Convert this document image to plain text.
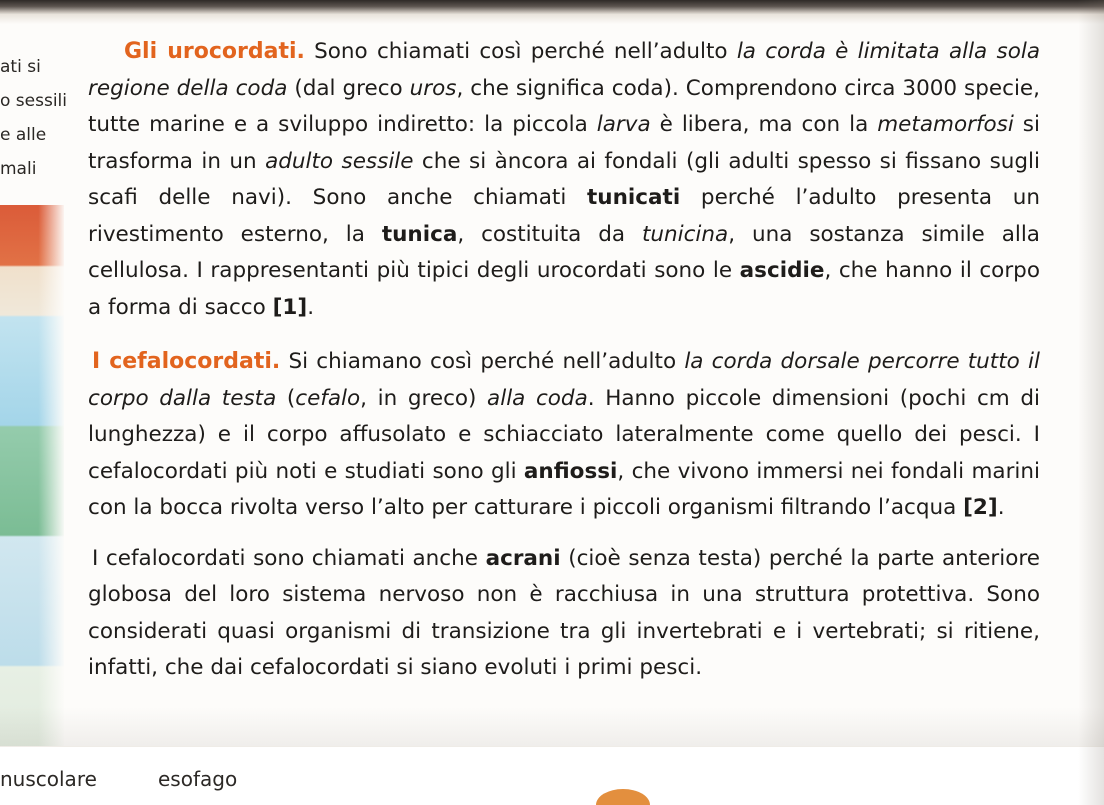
ati si
o sessili
e alle
mali

Gli urocordati. Sono chiamati così perché nell’adulto la corda è limitata alla sola regione della coda (dal greco uros, che significa coda). Comprendono circa 3000 specie, tutte marine e a sviluppo indiretto: la piccola larva è libera, ma con la metamorfosi si trasforma in un adulto sessile che si àncora ai fondali (gli adulti spesso si fissano sugli scafi delle navi). Sono anche chiamati tunicati perché l’adulto presenta un rivestimento esterno, la tunica, costituita da tunicina, una sostanza simile alla cellulosa. I rappresentanti più tipici degli urocordati sono le ascidie, che hanno il corpo a forma di sacco [1].

I cefalocordati. Si chiamano così perché nell’adulto la corda dorsale percorre tutto il corpo dalla testa (cefalo, in greco) alla coda. Hanno piccole dimensioni (pochi cm di lunghezza) e il corpo affusolato e schiacciato lateralmente come quello dei pesci. I cefalocordati più noti e studiati sono gli anfiossi, che vivono immersi nei fondali marini con la bocca rivolta verso l’alto per catturare i piccoli organismi filtrando l’acqua [2].

I cefalocordati sono chiamati anche acrani (cioè senza testa) perché la parte anteriore globosa del loro sistema nervoso non è racchiusa in una struttura protettiva. Sono considerati quasi organismi di transizione tra gli invertebrati e i vertebrati; si ritiene, infatti, che dai cefalocordati si siano evoluti i primi pesci.

nuscolare	esofago
